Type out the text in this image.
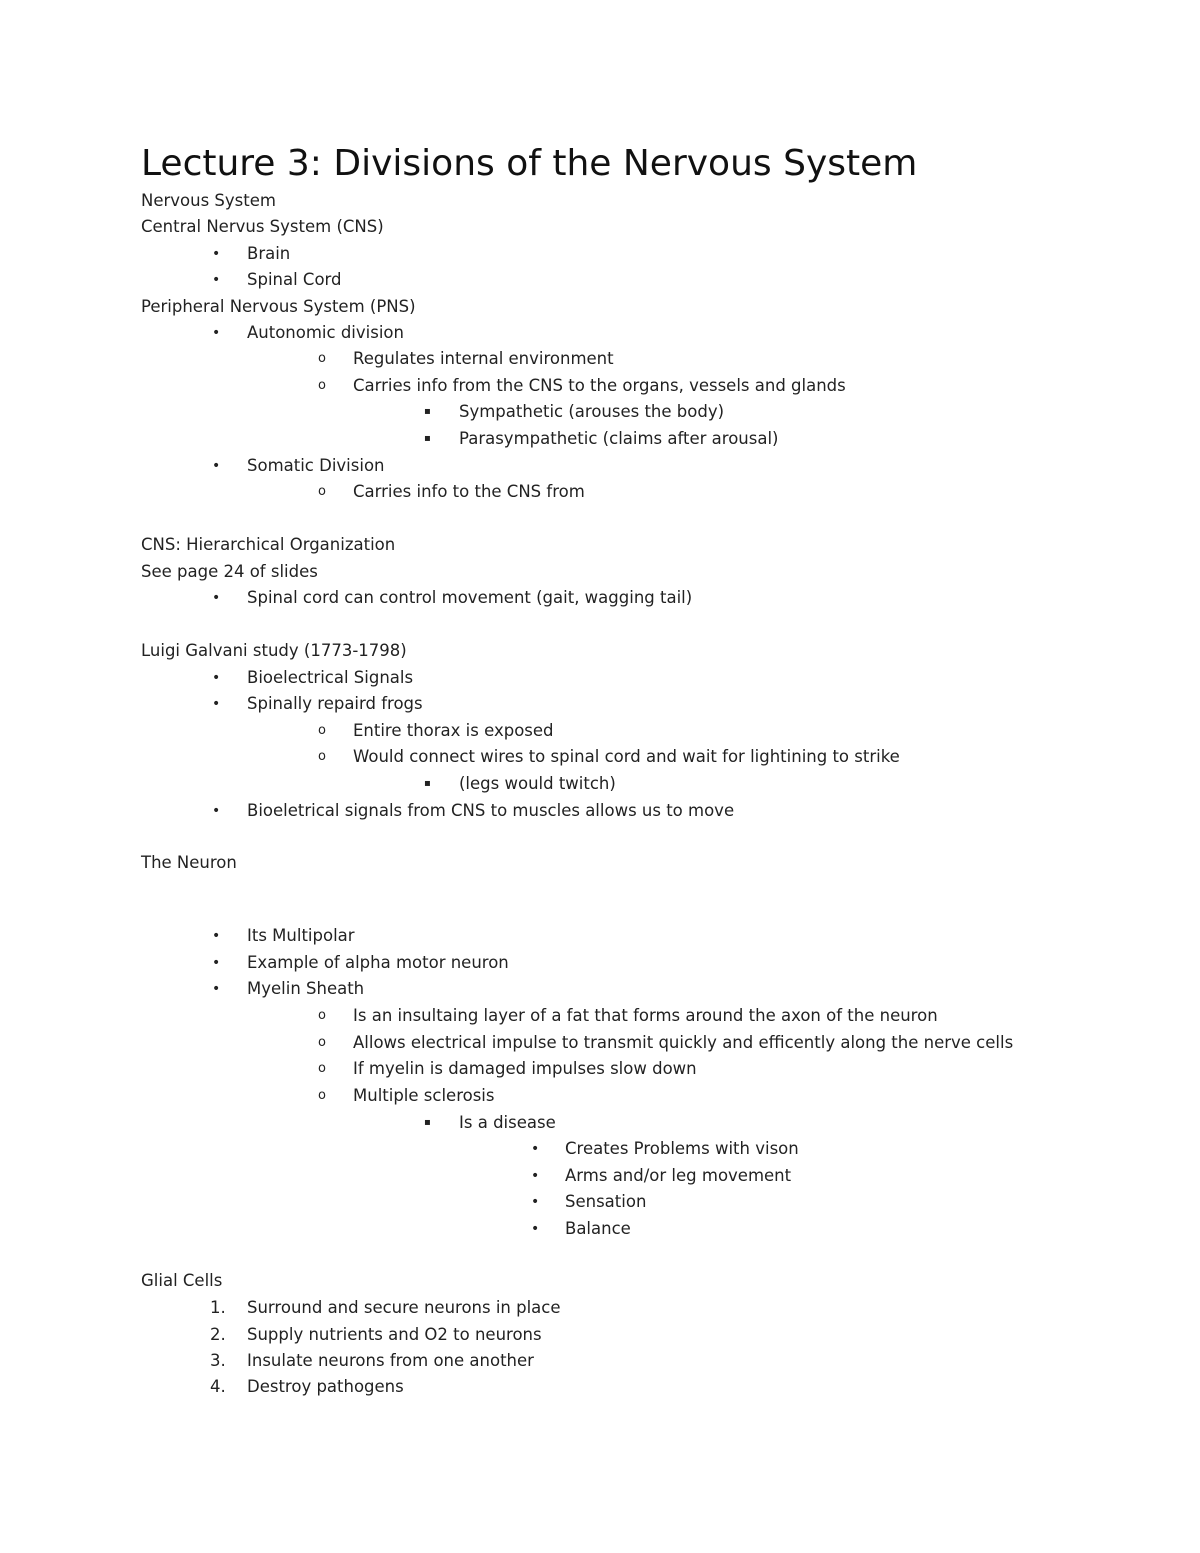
Lecture 3: Divisions of the Nervous System
Nervous System
Central Nervus System (CNS)
• Brain
• Spinal Cord
Peripheral Nervous System (PNS)
• Autonomic division
o Regulates internal environment
o Carries info from the CNS to the organs, vessels and glands
▪ Sympathetic (arouses the body)
▪ Parasympathetic (claims after arousal)
• Somatic Division
o Carries info to the CNS from
CNS: Hierarchical Organization
See page 24 of slides
• Spinal cord can control movement (gait, wagging tail)
Luigi Galvani study (1773-1798)
• Bioelectrical Signals
• Spinally repaird frogs
o Entire thorax is exposed
o Would connect wires to spinal cord and wait for lightining to strike
▪ (legs would twitch)
• Bioeletrical signals from CNS to muscles allows us to move
The Neuron
• Its Multipolar
• Example of alpha motor neuron
• Myelin Sheath
o Is an insultaing layer of a fat that forms around the axon of the neuron
o Allows electrical impulse to transmit quickly and efficently along the nerve cells
o If myelin is damaged impulses slow down
o Multiple sclerosis
▪ Is a disease
• Creates Problems with vison
• Arms and/or leg movement
• Sensation
• Balance
Glial Cells
1. Surround and secure neurons in place
2. Supply nutrients and O2 to neurons
3. Insulate neurons from one another
4. Destroy pathogens
